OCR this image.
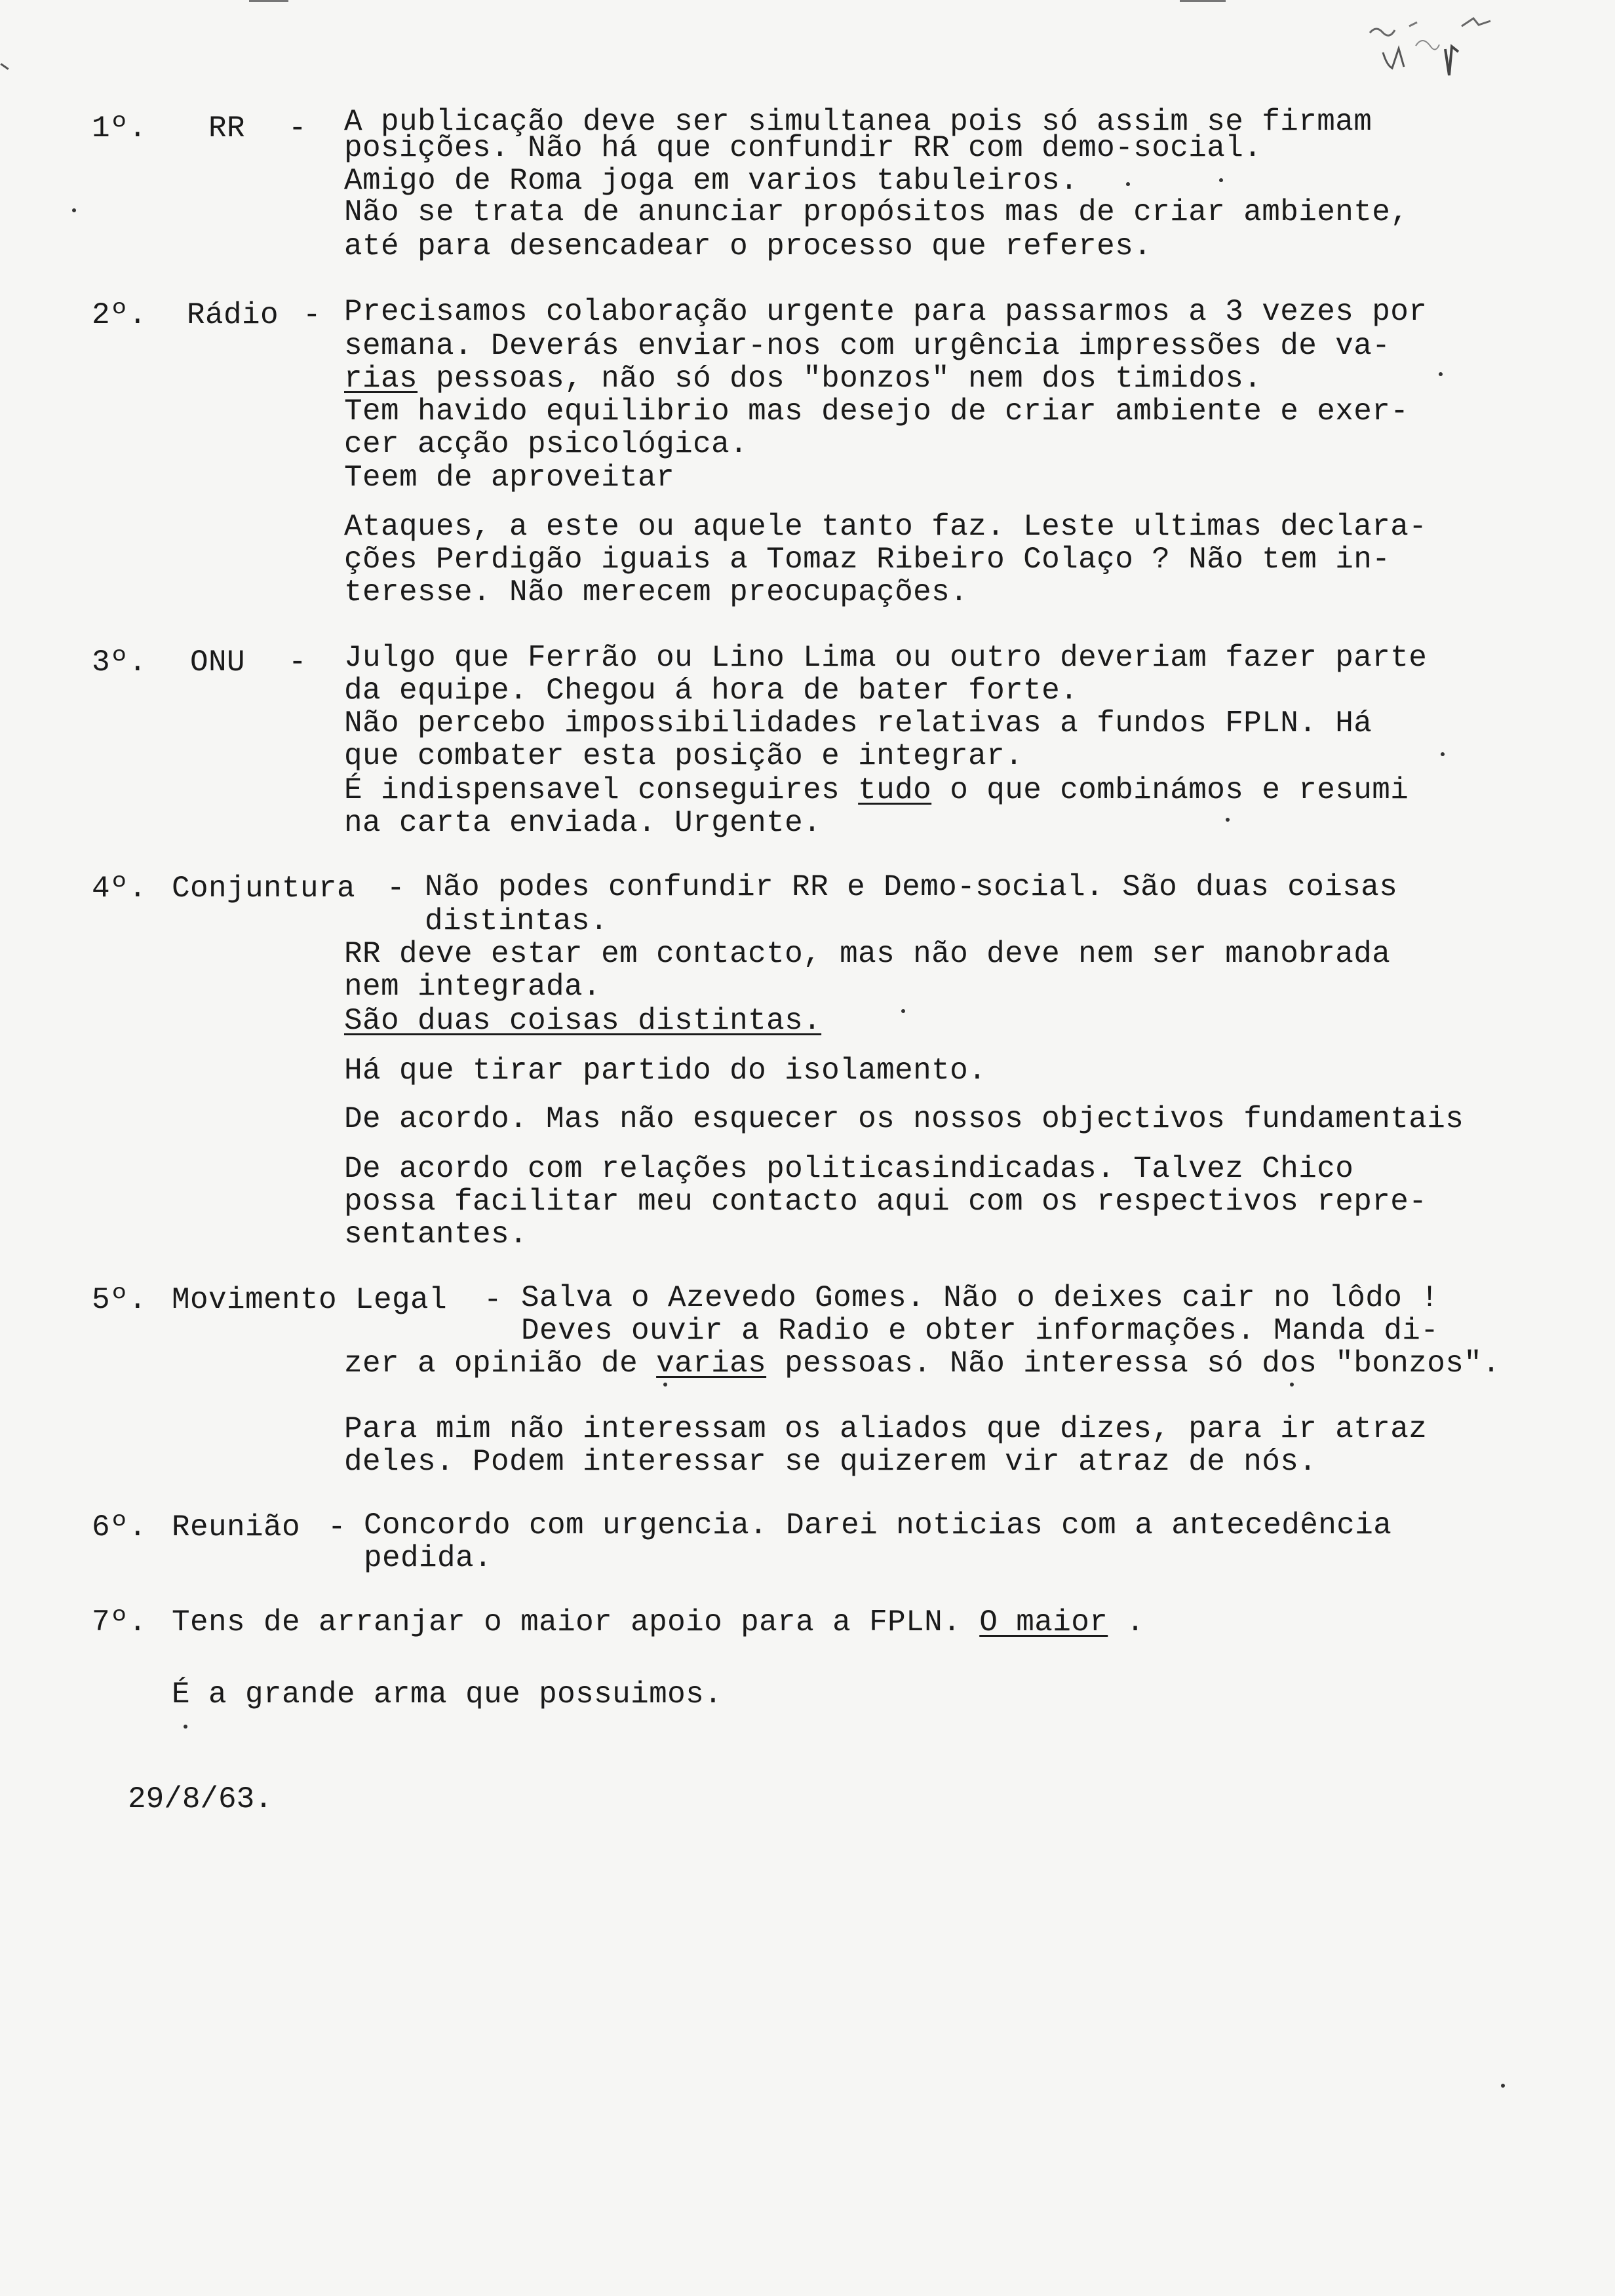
1º. RR - A publicação deve ser simultanea pois só assim se firmam
posições. Não há que confundir RR com demo-social.
Amigo de Roma joga em varios tabuleiros.
Não se trata de anunciar propósitos mas de criar ambiente,
até para desencadear o processo que referes.
2º. Rádio - Precisamos colaboração urgente para passarmos a 3 vezes por
semana. Deverás enviar-nos com urgência impressões de va-
rias pessoas, não só dos "bonzos" nem dos timidos.
Tem havido equilibrio mas desejo de criar ambiente e exer-
cer acção psicológica.
Teem de aproveitar
Ataques, a este ou aquele tanto faz. Leste ultimas declara-
ções Perdigão iguais a Tomaz Ribeiro Colaço ? Não tem in-
teresse. Não merecem preocupações.
3º. ONU - Julgo que Ferrão ou Lino Lima ou outro deveriam fazer parte
da equipe. Chegou á hora de bater forte.
Não percebo impossibilidades relativas a fundos FPLN. Há
que combater esta posição e integrar.
É indispensavel conseguires tudo o que combinámos e resumi
na carta enviada. Urgente.
4º. Conjuntura - Não podes confundir RR e Demo-social. São duas coisas
distintas.
RR deve estar em contacto, mas não deve nem ser manobrada
nem integrada.
São duas coisas distintas.
Há que tirar partido do isolamento.
De acordo. Mas não esquecer os nossos objectivos fundamentais
De acordo com relações politicasindicadas. Talvez Chico
possa facilitar meu contacto aqui com os respectivos repre-
sentantes.
5º. Movimento Legal - Salva o Azevedo Gomes. Não o deixes cair no lôdo !
Deves ouvir a Radio e obter informações. Manda di-
zer a opinião de varias pessoas. Não interessa só dos "bonzos".
Para mim não interessam os aliados que dizes, para ir atraz
deles. Podem interessar se quizerem vir atraz de nós.
6º. Reunião - Concordo com urgencia. Darei noticias com a antecedência
pedida.
7º. Tens de arranjar o maior apoio para a FPLN. O maior .
É a grande arma que possuimos.
29/8/63.
